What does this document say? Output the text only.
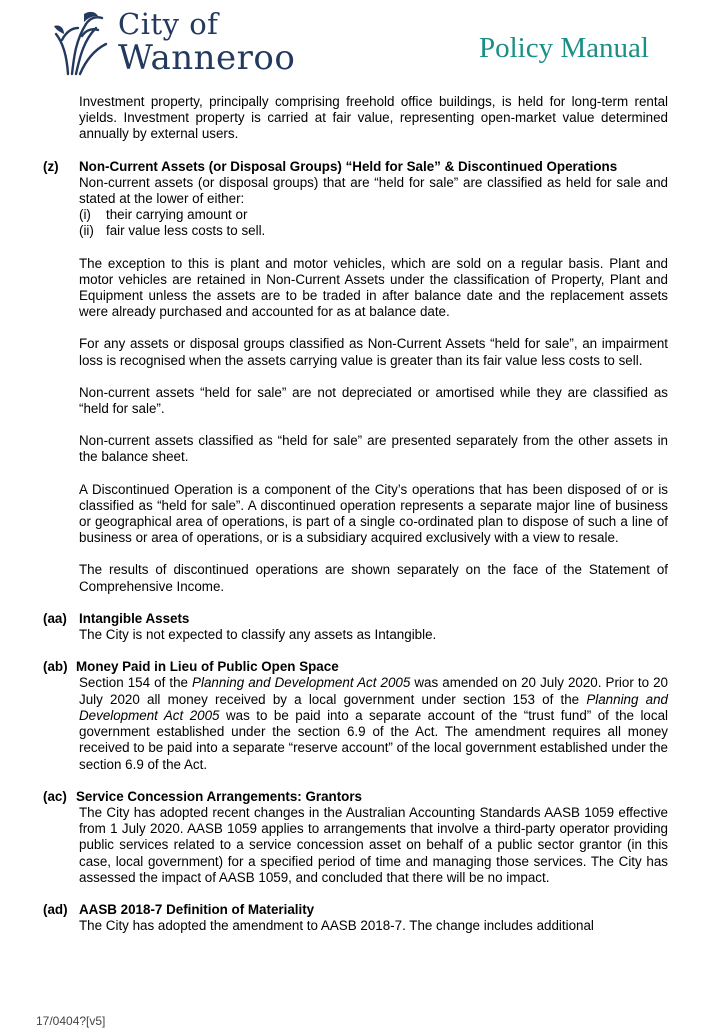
City of
Wanneroo	Policy Manual
Investment property, principally comprising freehold office buildings, is held for long-term rental yields. Investment property is carried at fair value, representing open-market value determined annually by external users.
(z) Non-Current Assets (or Disposal Groups) “Held for Sale” & Discontinued Operations
Non-current assets (or disposal groups) that are “held for sale” are classified as held for sale and stated at the lower of either:
(i)	their carrying amount or
(ii) fair value less costs to sell.
The exception to this is plant and motor vehicles, which are sold on a regular basis. Plant and motor vehicles are retained in Non-Current Assets under the classification of Property, Plant and Equipment unless the assets are to be traded in after balance date and the replacement assets were already purchased and accounted for as at balance date.
For any assets or disposal groups classified as Non-Current Assets “held for sale”, an impairment loss is recognised when the assets carrying value is greater than its fair value less costs to sell.
Non-current assets “held for sale” are not depreciated or amortised while they are classified as “held for sale”.
Non-current assets classified as “held for sale” are presented separately from the other assets in the balance sheet.
A Discontinued Operation is a component of the City’s operations that has been disposed of or is classified as “held for sale”. A discontinued operation represents a separate major line of business or geographical area of operations, is part of a single co-ordinated plan to dispose of such a line of business or area of operations, or is a subsidiary acquired exclusively with a view to resale.
The results of discontinued operations are shown separately on the face of the Statement of Comprehensive Income.
(aa) Intangible Assets
The City is not expected to classify any assets as Intangible.
(ab) Money Paid in Lieu of Public Open Space
Section 154 of the Planning and Development Act 2005 was amended on 20 July 2020. Prior to 20 July 2020 all money received by a local government under section 153 of the Planning and Development Act 2005 was to be paid into a separate account of the “trust fund” of the local government established under the section 6.9 of the Act. The amendment requires all money received to be paid into a separate “reserve account” of the local government established under the section 6.9 of the Act.
(ac) Service Concession Arrangements: Grantors
The City has adopted recent changes in the Australian Accounting Standards AASB 1059 effective from 1 July 2020. AASB 1059 applies to arrangements that involve a third-party operator providing public services related to a service concession asset on behalf of a public sector grantor (in this case, local government) for a specified period of time and managing those services. The City has assessed the impact of AASB 1059, and concluded that there will be no impact.
(ad) AASB 2018-7 Definition of Materiality
The City has adopted the amendment to AASB 2018-7. The change includes additional
17/0404?[v5]
